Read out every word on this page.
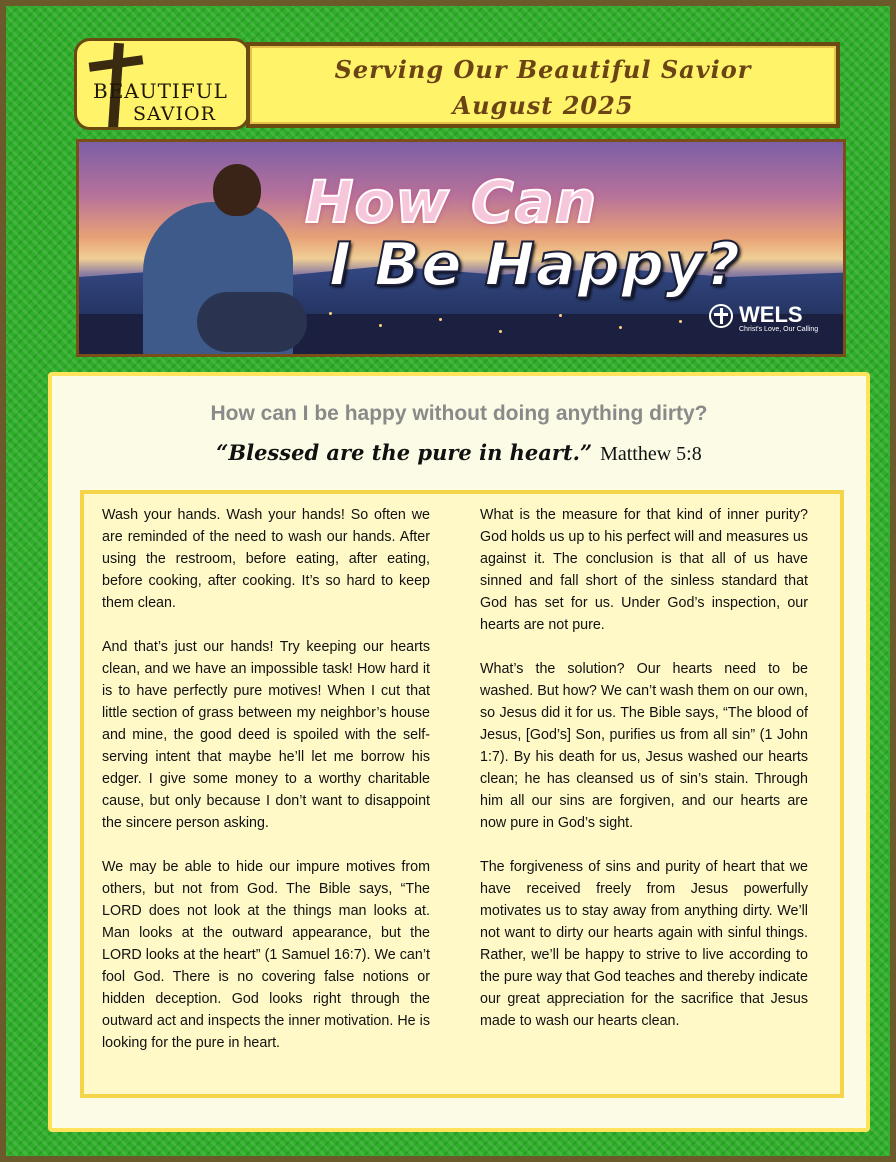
BEAUTIFUL
SAVIOR
Serving Our Beautiful Savior
August 2025
How Can
I Be Happy?
WELS
Christ's Love, Our Calling
How can I be happy without doing anything dirty?
“Blessed are the pure in heart.” Matthew 5:8

Wash your hands. Wash your hands! So often we are reminded of the need to wash our hands. After using the restroom, before eating, after eating, before cooking, after cooking. It’s so hard to keep them clean.

And that’s just our hands! Try keeping our hearts clean, and we have an impossible task! How hard it is to have perfectly pure motives! When I cut that little section of grass between my neighbor’s house and mine, the good deed is spoiled with the self-serving intent that maybe he’ll let me borrow his edger. I give some money to a worthy charitable cause, but only because I don’t want to disappoint the sincere person asking.

We may be able to hide our impure motives from others, but not from God. The Bible says, “The LORD does not look at the things man looks at. Man looks at the outward appearance, but the LORD looks at the heart” (1 Samuel 16:7). We can’t fool God. There is no covering false notions or hidden deception. God looks right through the outward act and inspects the inner motivation. He is looking for the pure in heart.

What is the measure for that kind of inner purity? God holds us up to his perfect will and measures us against it. The conclusion is that all of us have sinned and fall short of the sinless standard that God has set for us. Under God’s inspection, our hearts are not pure.

What’s the solution? Our hearts need to be washed. But how? We can’t wash them on our own, so Jesus did it for us. The Bible says, “The blood of Jesus, [God’s] Son, purifies us from all sin” (1 John 1:7). By his death for us, Jesus washed our hearts clean; he has cleansed us of sin’s stain. Through him all our sins are forgiven, and our hearts are now pure in God’s sight.

The forgiveness of sins and purity of heart that we have received freely from Jesus powerfully motivates us to stay away from anything dirty. We’ll not want to dirty our hearts again with sinful things. Rather, we’ll be happy to strive to live according to the pure way that God teaches and thereby indicate our great appreciation for the sacrifice that Jesus made to wash our hearts clean.
